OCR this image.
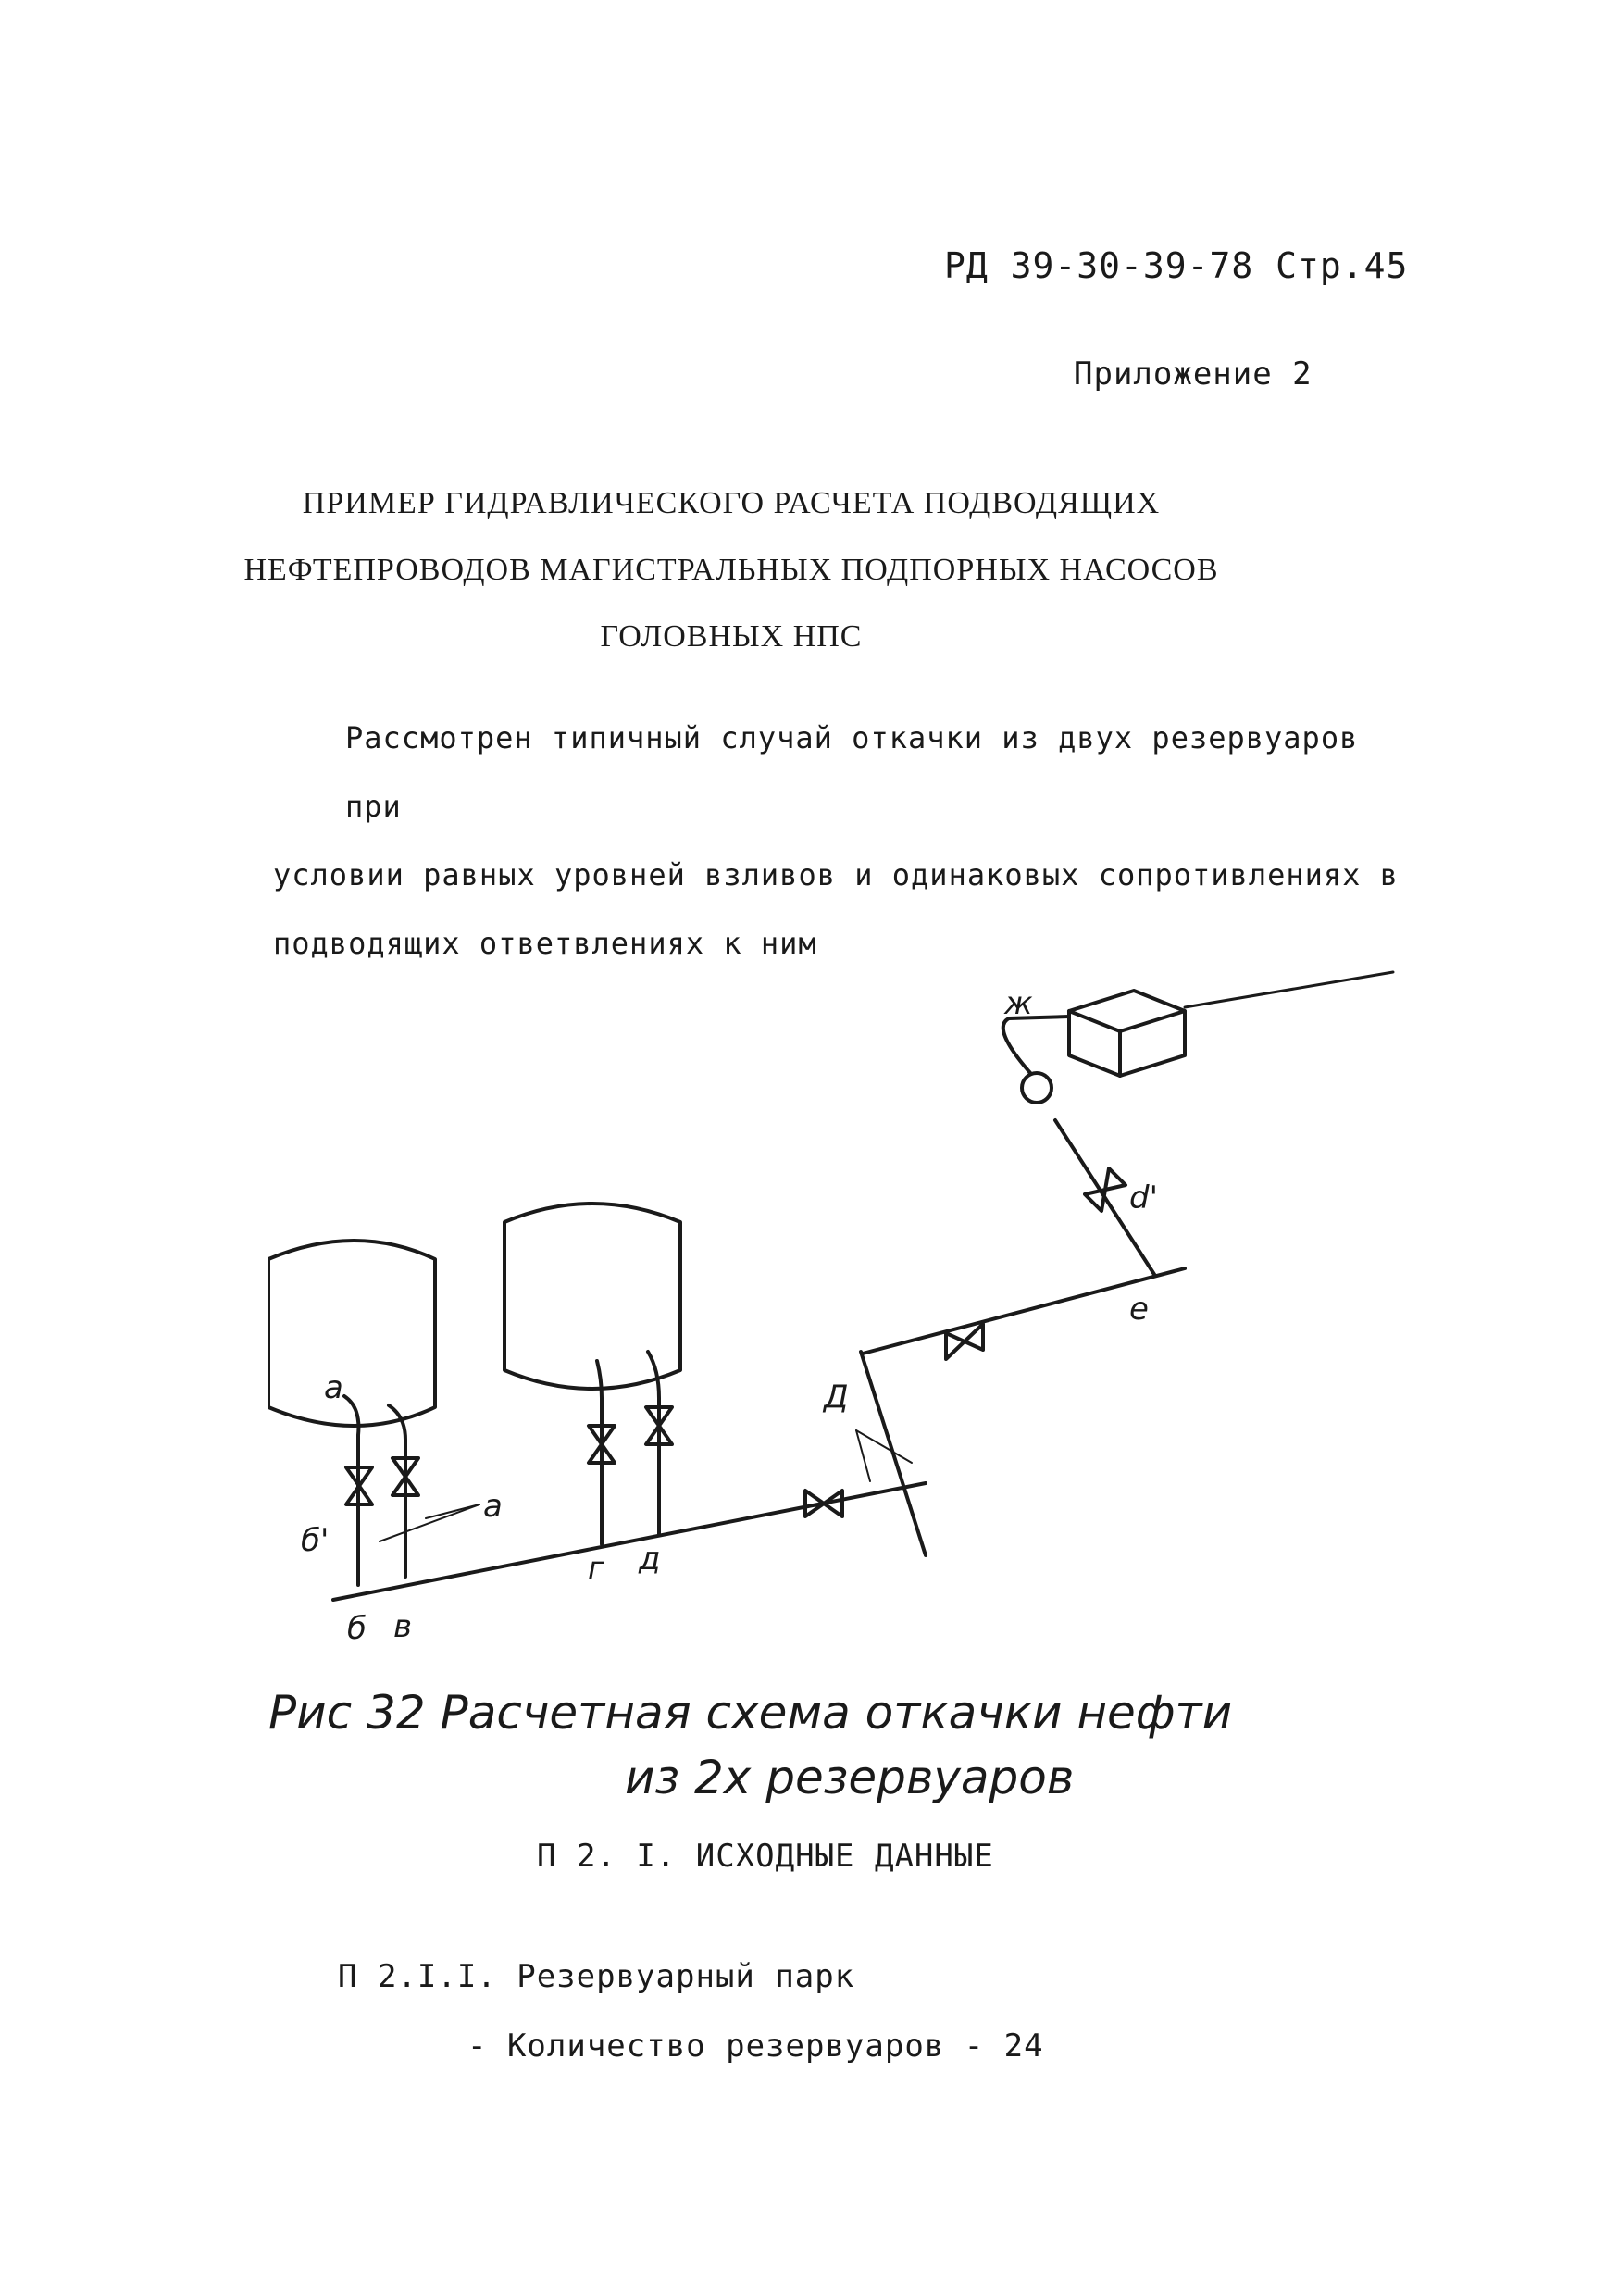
РД 39-30-39-78 Стр.45
Приложение 2
ПРИМЕР ГИДРАВЛИЧЕСКОГО РАСЧЕТА ПОДВОДЯЩИХ
НЕФТЕПРОВОДОВ МАГИСТРАЛЬНЫХ ПОДПОРНЫХ НАСОСОВ
ГОЛОВНЫХ НПС

Рассмотрен типичный случай откачки из двух резервуаров при

условии равных уровней взливов и одинаковых сопротивлениях в

подводящих ответвлениях к ним

а
а
б'
б в
г д
Д
е
d'
ж
Рис 32 Расчетная схема откачки нефти
из 2х резервуаров
П 2. I. ИСХОДНЫЕ ДАННЫЕ
П 2.I.I. Резервуарный парк
- Количество резервуаров - 24
